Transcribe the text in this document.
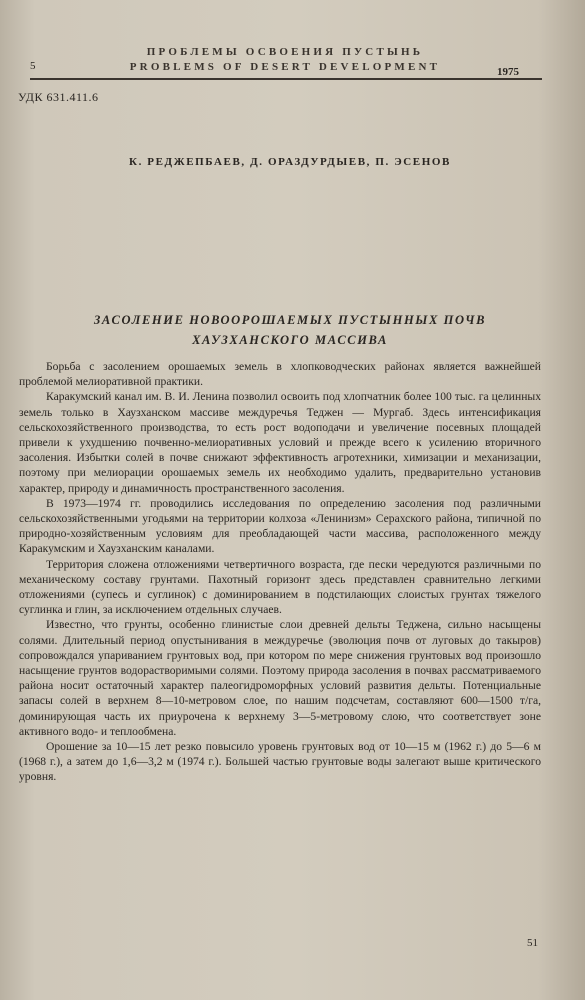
5
ПРОБЛЕМЫ ОСВОЕНИЯ ПУСТЫНЬ
PROBLEMS OF DESERT DEVELOPMENT	1975
УДК 631.411.6
К. РЕДЖЕПБАЕВ, Д. ОРАЗДУРДЫЕВ, П. ЭСЕНОВ
ЗАСОЛЕНИЕ НОВООРОШАЕМЫХ ПУСТЫННЫХ ПОЧВ
ХАУЗХАНСКОГО МАССИВА

Борьба с засолением орошаемых земель в хлопководческих районах является важнейшей проблемой мелиоративной практики.

Каракумский канал им. В. И. Ленина позволил освоить под хлопчатник более 100 тыс. га целинных земель только в Хаузханском массиве междуречья Теджен — Мургаб. Здесь интенсификация сельскохозяйственного производства, то есть рост водоподачи и увеличение посевных площадей привели к ухудшению почвенно-мелиоративных условий и прежде всего к усилению вторичного засоления. Избытки солей в почве снижают эффективность агротехники, химизации и механизации, поэтому при мелиорации орошаемых земель их необходимо удалить, предварительно установив характер, природу и динамичность пространственного засоления.

В 1973—1974 гг. проводились исследования по определению засоления под различными сельскохозяйственными угодьями на территории колхоза «Ленинизм» Серахского района, типичной по природно-хозяйственным условиям для преобладающей части массива, расположенного между Каракумским и Хаузханским каналами.

Территория сложена отложениями четвертичного возраста, где пески чередуются различными по механическому составу грунтами. Пахотный горизонт здесь представлен сравнительно легкими отложениями (супесь и суглинок) с доминированием в подстилающих слоистых грунтах тяжелого суглинка и глин, за исключением отдельных случаев.

Известно, что грунты, особенно глинистые слои древней дельты Теджена, сильно насыщены солями. Длительный период опустынивания в междуречье (эволюция почв от луговых до такыров) сопровождался упариванием грунтовых вод, при котором по мере снижения грунтовых вод произошло насыщение грунтов водорастворимыми солями. Поэтому природа засоления в почвах рассматриваемого района носит остаточный характер палеогидроморфных условий развития дельты. Потенциальные запасы солей в верхнем 8—10-метровом слое, по нашим подсчетам, составляют 600—1500 т/га, доминирующая часть их приурочена к верхнему 3—5-метровому слою, что соответствует зоне активного водо- и теплообмена.

Орошение за 10—15 лет резко повысило уровень грунтовых вод от 10—15 м (1962 г.) до 5—6 м (1968 г.), а затем до 1,6—3,2 м (1974 г.). Большей частью грунтовые воды залегают выше критического уровня.

51
